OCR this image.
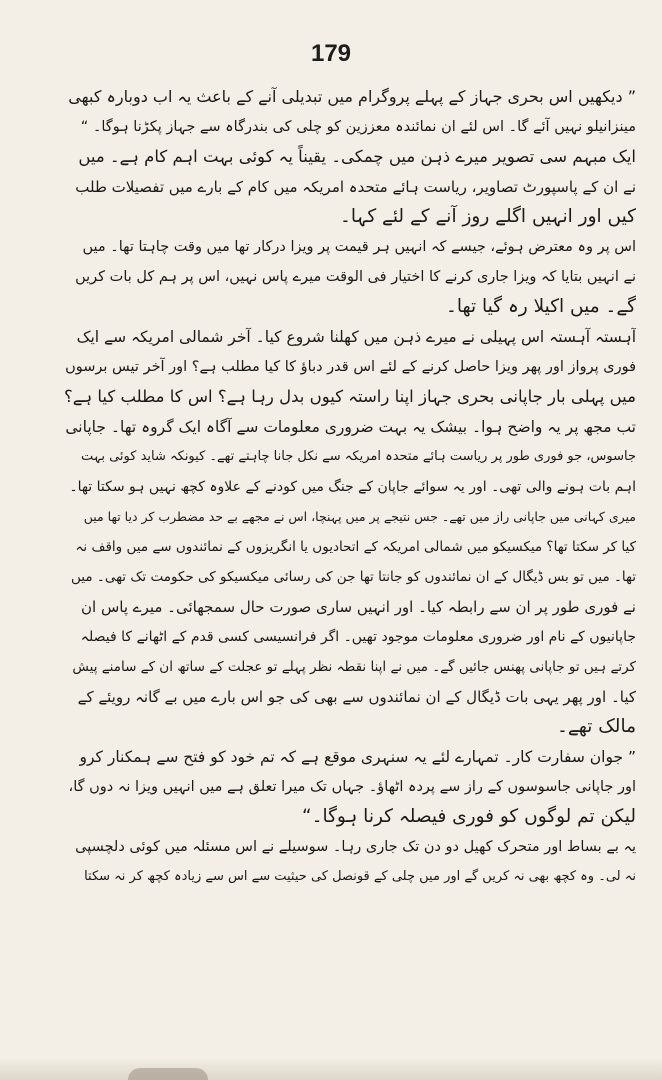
179
” دیکھیں اس بحری جہاز کے پہلے پروگرام میں تبدیلی آنے کے باعث یہ اب دوبارہ کبھی
مینزانیلو نہیں آئے گا۔ اس لئے ان نمائندہ معززین کو چلی کی بندرگاہ سے جہاز پکڑنا ہوگا۔ “
ایک مبہم سی تصویر میرے ذہن میں چمکی۔ یقیناً یہ کوئی بہت اہم کام ہے۔ میں
نے ان کے پاسپورٹ تصاویر، ریاست ہائے متحدہ امریکہ میں کام کے بارے میں تفصیلات طلب
کیں اور انہیں اگلے روز آنے کے لئے کہا۔
اس پر وہ معترض ہوئے، جیسے کہ انہیں ہر قیمت پر ویزا درکار تھا میں وقت چاہتا تھا۔ میں
نے انہیں بتایا کہ ویزا جاری کرنے کا اختیار فی الوقت میرے پاس نہیں، اس پر ہم کل بات کریں
گے۔ میں اکیلا رہ گیا تھا۔
آہستہ آہستہ اس پہیلی نے میرے ذہن میں کھلنا شروع کیا۔ آخر شمالی امریکہ سے ایک
فوری پرواز اور پھر ویزا حاصل کرنے کے لئے اس قدر دباؤ کا کیا مطلب ہے؟ اور آخر تیس برسوں
میں پہلی بار جاپانی بحری جہاز اپنا راستہ کیوں بدل رہا ہے؟ اس کا مطلب کیا ہے؟
تب مجھ پر یہ واضح ہوا۔ بیشک یہ بہت ضروری معلومات سے آگاہ ایک گروہ تھا۔ جاپانی
جاسوس، جو فوری طور پر ریاست ہائے متحدہ امریکہ سے نکل جانا چاہتے تھے۔ کیونکہ شاید کوئی بہت
اہم بات ہونے والی تھی۔ اور یہ سوائے جاپان کے جنگ میں کودنے کے علاوہ کچھ نہیں ہو سکتا تھا۔
میری کہانی میں جاپانی راز میں تھے۔ جس نتیجے پر میں پہنچا، اس نے مجھے بے حد مضطرب کر دیا تھا میں
کیا کر سکتا تھا؟ میکسیکو میں شمالی امریکہ کے اتحادیوں یا انگریزوں کے نمائندوں سے میں واقف نہ
تھا۔ میں تو بس ڈیگال کے ان نمائندوں کو جانتا تھا جن کی رسائی میکسیکو کی حکومت تک تھی۔ میں
نے فوری طور پر ان سے رابطہ کیا۔ اور انہیں ساری صورت حال سمجھائی۔ میرے پاس ان
جاپانیوں کے نام اور ضروری معلومات موجود تھیں۔ اگر فرانسیسی کسی قدم کے اٹھانے کا فیصلہ
کرتے ہیں تو جاپانی پھنس جائیں گے۔ میں نے اپنا نقطہ نظر پہلے تو عجلت کے ساتھ ان کے سامنے پیش
کیا۔ اور پھر یہی بات ڈیگال کے ان نمائندوں سے بھی کی جو اس بارے میں بے گانہ رویئے کے
مالک تھے۔
” جوان سفارت کار۔ تمہارے لئے یہ سنہری موقع ہے کہ تم خود کو فتح سے ہمکنار کرو
اور جاپانی جاسوسوں کے راز سے پردہ اٹھاؤ۔ جہاں تک میرا تعلق ہے میں انہیں ویزا نہ دوں گا،
لیکن تم لوگوں کو فوری فیصلہ کرنا ہوگا۔“
یہ بے بساط اور متحرک کھیل دو دن تک جاری رہا۔ سوسیلے نے اس مسئلہ میں کوئی دلچسپی
نہ لی۔ وہ کچھ بھی نہ کریں گے اور میں چلی کے قونصل کی حیثیت سے اس سے زیادہ کچھ کر نہ سکتا
